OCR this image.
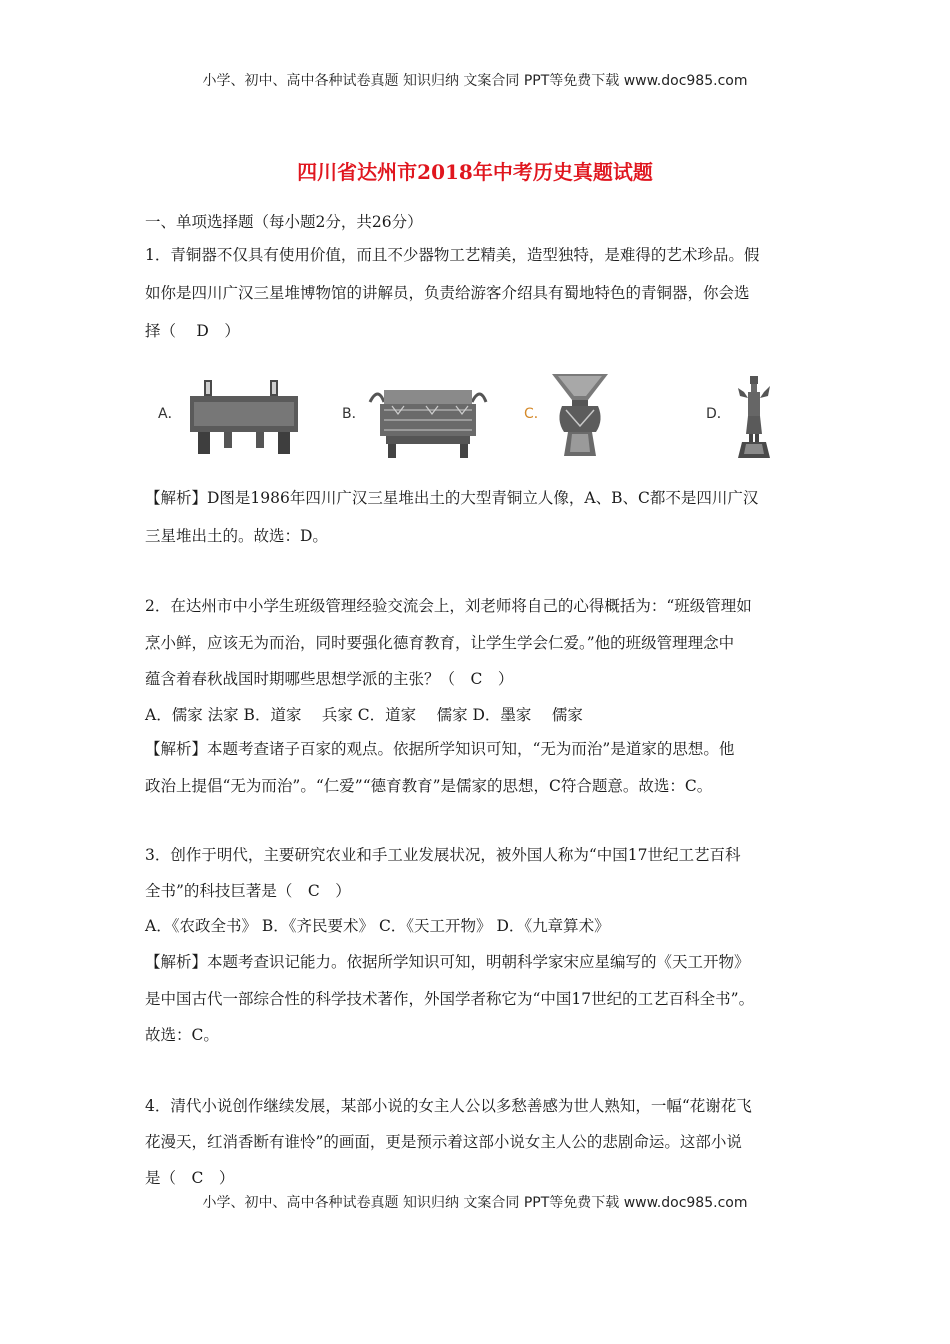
小学、初中、高中各种试卷真题 知识归纳 文案合同 PPT等免费下载 www.doc985.com
四川省达州市2018年中考历史真题试题
一、单项选择题（每小题2分，共26分）
1．青铜器不仅具有使用价值，而且不少器物工艺精美，造型独特，是难得的艺术珍品。假
如你是四川广汉三星堆博物馆的讲解员，负责给游客介绍具有蜀地特色的青铜器，你会选
择（　 D　）
A．	B．	C．	D．
【解析】D图是1986年四川广汉三星堆出土的大型青铜立人像，A、B、C都不是四川广汉
三星堆出土的。故选：D。
2．在达州市中小学生班级管理经验交流会上，刘老师将自己的心得概括为：“班级管理如
烹小鲜，应该无为而治，同时要强化德育教育，让学生学会仁爱。”他的班级管理理念中
蕴含着春秋战国时期哪些思想学派的主张？（　C　）
A．儒家 法家 B．道家　 兵家 C．道家　 儒家 D．墨家　 儒家
【解析】本题考查诸子百家的观点。依据所学知识可知，“无为而治”是道家的思想。他
政治上提倡“无为而治”。“仁爱”“德育教育”是儒家的思想，C符合题意。故选：C。
3．创作于明代，主要研究农业和手工业发展状况，被外国人称为“中国17世纪工艺百科
全书”的科技巨著是（　C　）
A．《农政全书》 B．《齐民要术》 C．《天工开物》 D．《九章算术》
【解析】本题考查识记能力。依据所学知识可知，明朝科学家宋应星编写的《天工开物》
是中国古代一部综合性的科学技术著作，外国学者称它为“中国17世纪的工艺百科全书”。
故选：C。
4．清代小说创作继续发展，某部小说的女主人公以多愁善感为世人熟知，一幅“花谢花飞
花漫天，红消香断有谁怜”的画面，更是预示着这部小说女主人公的悲剧命运。这部小说
是（　C　）
小学、初中、高中各种试卷真题 知识归纳 文案合同 PPT等免费下载 www.doc985.com
